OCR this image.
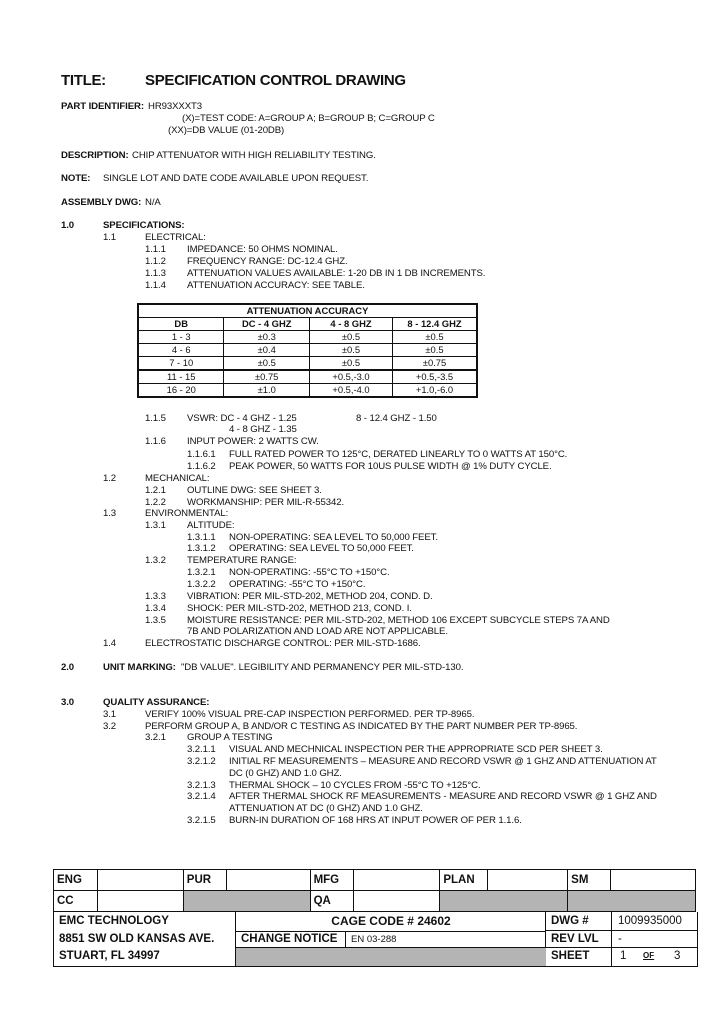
TITLE:	SPECIFICATION CONTROL DRAWING
PART IDENTIFIER: HR93XXXT3
(X)=TEST CODE: A=GROUP A; B=GROUP B; C=GROUP C
(XX)=DB VALUE (01-20DB)
DESCRIPTION: CHIP ATTENUATOR WITH HIGH RELIABILITY TESTING.
NOTE: SINGLE LOT AND DATE CODE AVAILABLE UPON REQUEST.
ASSEMBLY DWG: N/A
1.0	SPECIFICATIONS:
1.1	ELECTRICAL:
1.1.1 IMPEDANCE: 50 OHMS NOMINAL.
1.1.2 FREQUENCY RANGE: DC-12.4 GHZ.
1.1.3 ATTENUATION VALUES AVAILABLE: 1-20 DB IN 1 DB INCREMENTS.
1.1.4 ATTENUATION ACCURACY: SEE TABLE.
ATTENUATION ACCURACY			
DB	DC - 4 GHZ	4 - 8 GHZ	8 - 12.4 GHZ
1 - 3	±0.3	±0.5	±0.5
4 - 6	±0.4	±0.5	±0.5
7 - 10	±0.5	±0.5	±0.75
11 - 15	±0.75	+0.5,-3.0	+0.5,-3.5
16 - 20	±1.0	+0.5,-4.0	+1.0,-6.0
1.1.5 VSWR: DC - 4 GHZ - 1.25	8 - 12.4 GHZ - 1.50
4 - 8 GHZ - 1.35
1.1.6 INPUT POWER: 2 WATTS CW.
1.1.6.1 FULL RATED POWER TO 125°C, DERATED LINEARLY TO 0 WATTS AT 150°C.
1.1.6.2 PEAK POWER, 50 WATTS FOR 10US PULSE WIDTH @ 1% DUTY CYCLE.
1.2	MECHANICAL:
1.2.1 OUTLINE DWG: SEE SHEET 3.
1.2.2 WORKMANSHIP: PER MIL-R-55342.
1.3	ENVIRONMENTAL:
1.3.1 ALTITUDE:
1.3.1.1 NON-OPERATING: SEA LEVEL TO 50,000 FEET.
1.3.1.2 OPERATING: SEA LEVEL TO 50,000 FEET.
1.3.2 TEMPERATURE RANGE:
1.3.2.1 NON-OPERATING: -55°C TO +150°C.
1.3.2.2 OPERATING: -55°C TO +150°C.
1.3.3 VIBRATION: PER MIL-STD-202, METHOD 204, COND. D.
1.3.4 SHOCK: PER MIL-STD-202, METHOD 213, COND. I.
1.3.5 MOISTURE RESISTANCE: PER MIL-STD-202, METHOD 106 EXCEPT SUBCYCLE STEPS 7A AND
7B AND POLARIZATION AND LOAD ARE NOT APPLICABLE.
1.4	ELECTROSTATIC DISCHARGE CONTROL: PER MIL-STD-1686.
2.0	UNIT MARKING: "DB VALUE". LEGIBILITY AND PERMANENCY PER MIL-STD-130.
3.0	QUALITY ASSURANCE:
3.1	VERIFY 100% VISUAL PRE-CAP INSPECTION PERFORMED. PER TP-8965.
3.2	PERFORM GROUP A, B AND/OR C TESTING AS INDICATED BY THE PART NUMBER PER TP-8965.
3.2.1 GROUP A TESTING
3.2.1.1 VISUAL AND MECHNICAL INSPECTION PER THE APPROPRIATE SCD PER SHEET 3.
3.2.1.2 INITIAL RF MEASUREMENTS – MEASURE AND RECORD VSWR @ 1 GHZ AND ATTENUATION AT
DC (0 GHZ) AND 1.0 GHZ.
3.2.1.3 THERMAL SHOCK – 10 CYCLES FROM -55°C TO +125°C.
3.2.1.4 AFTER THERMAL SHOCK RF MEASUREMENTS - MEASURE AND RECORD VSWR @ 1 GHZ AND
ATTENUATION AT DC (0 GHZ) AND 1.0 GHZ.
3.2.1.5 BURN-IN DURATION OF 168 HRS AT INPUT POWER OF PER 1.1.6.
ENG		PUR		MFG		PLAN		SM	
CC				QA					
EMC TECHNOLOGY
8851 SW OLD KANSAS AVE.
STUART, FL 34997
CAGE CODE # 24602
CHANGE NOTICE	EN 03-288
DWG #	1009935000
REV LVL -
SHEET	1 OF 3
